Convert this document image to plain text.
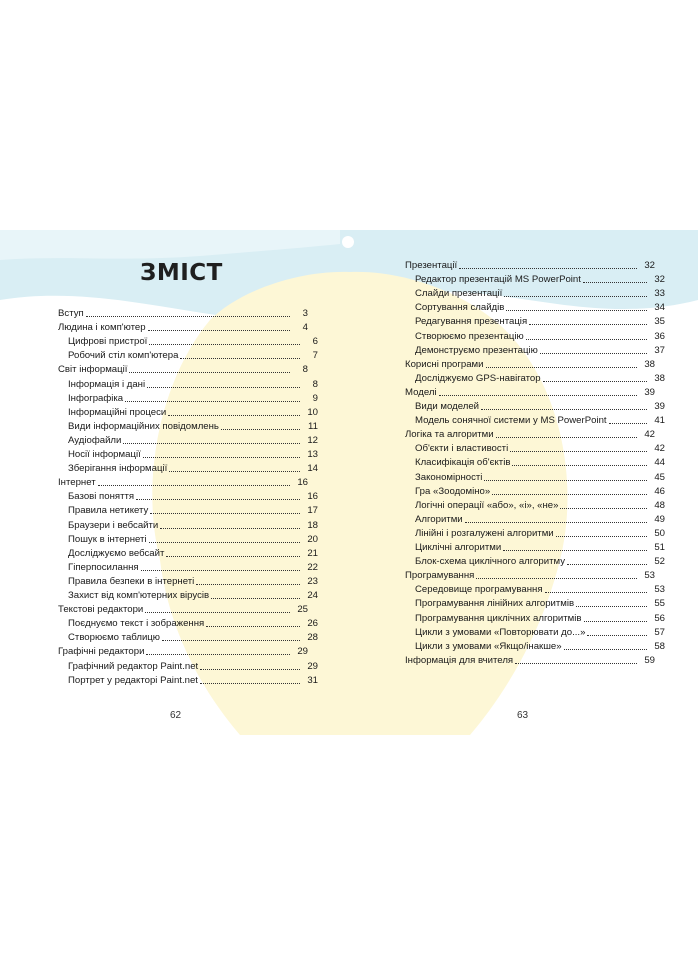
ЗМІСТ
Вступ	3
Людина і комп'ютер	4
Цифрові пристрої	6
Робочий стіл комп'ютера	7
Світ інформації	8
Інформація і дані	8
Інфографіка	9
Інформаційні процеси	10
Види інформаційних повідомлень	11
Аудіофайли	12
Носії інформації	13
Зберігання інформації	14
Інтернет	16
Базові поняття	16
Правила нетикету	17
Браузери і вебсайти	18
Пошук в інтернеті	20
Досліджуємо вебсайт	21
Гіперпосилання	22
Правила безпеки в інтернеті	23
Захист від комп'ютерних вірусів	24
Текстові редактори	25
Поєднуємо текст і зображення	26
Створюємо таблицю	28
Графічні редактори	29
Графічний редактор Paint.net	29
Портрет у редакторі Paint.net	31
Презентації	32
Редактор презентацій MS PowerPoint	32
Слайди презентації	33
Сортування слайдів	34
Редагування презентація	35
Створюємо презентацію	36
Демонструємо презентацію	37
Корисні програми	38
Досліджуємо GPS-навігатор	38
Моделі	39
Види моделей	39
Модель сонячної системи у MS PowerPoint	41
Логіка та алгоритми	42
Об'єкти і властивості	42
Класифікація об'єктів	44
Закономірності	45
Гра «Зоодоміно»	46
Логічні операції «або», «і», «не»	48
Алгоритми	49
Лінійні і розгалужені алгоритми	50
Циклічні алгоритми	51
Блок-схема циклічного алгоритму	52
Програмування	53
Середовище програмування	53
Програмування лінійних алгоритмів	55
Програмування циклічних алгоритмів	56
Цикли з умовами «Повторювати до...»	57
Цикли з умовами «Якщо/інакше»	58
Інформація для вчителя	59
62	63
